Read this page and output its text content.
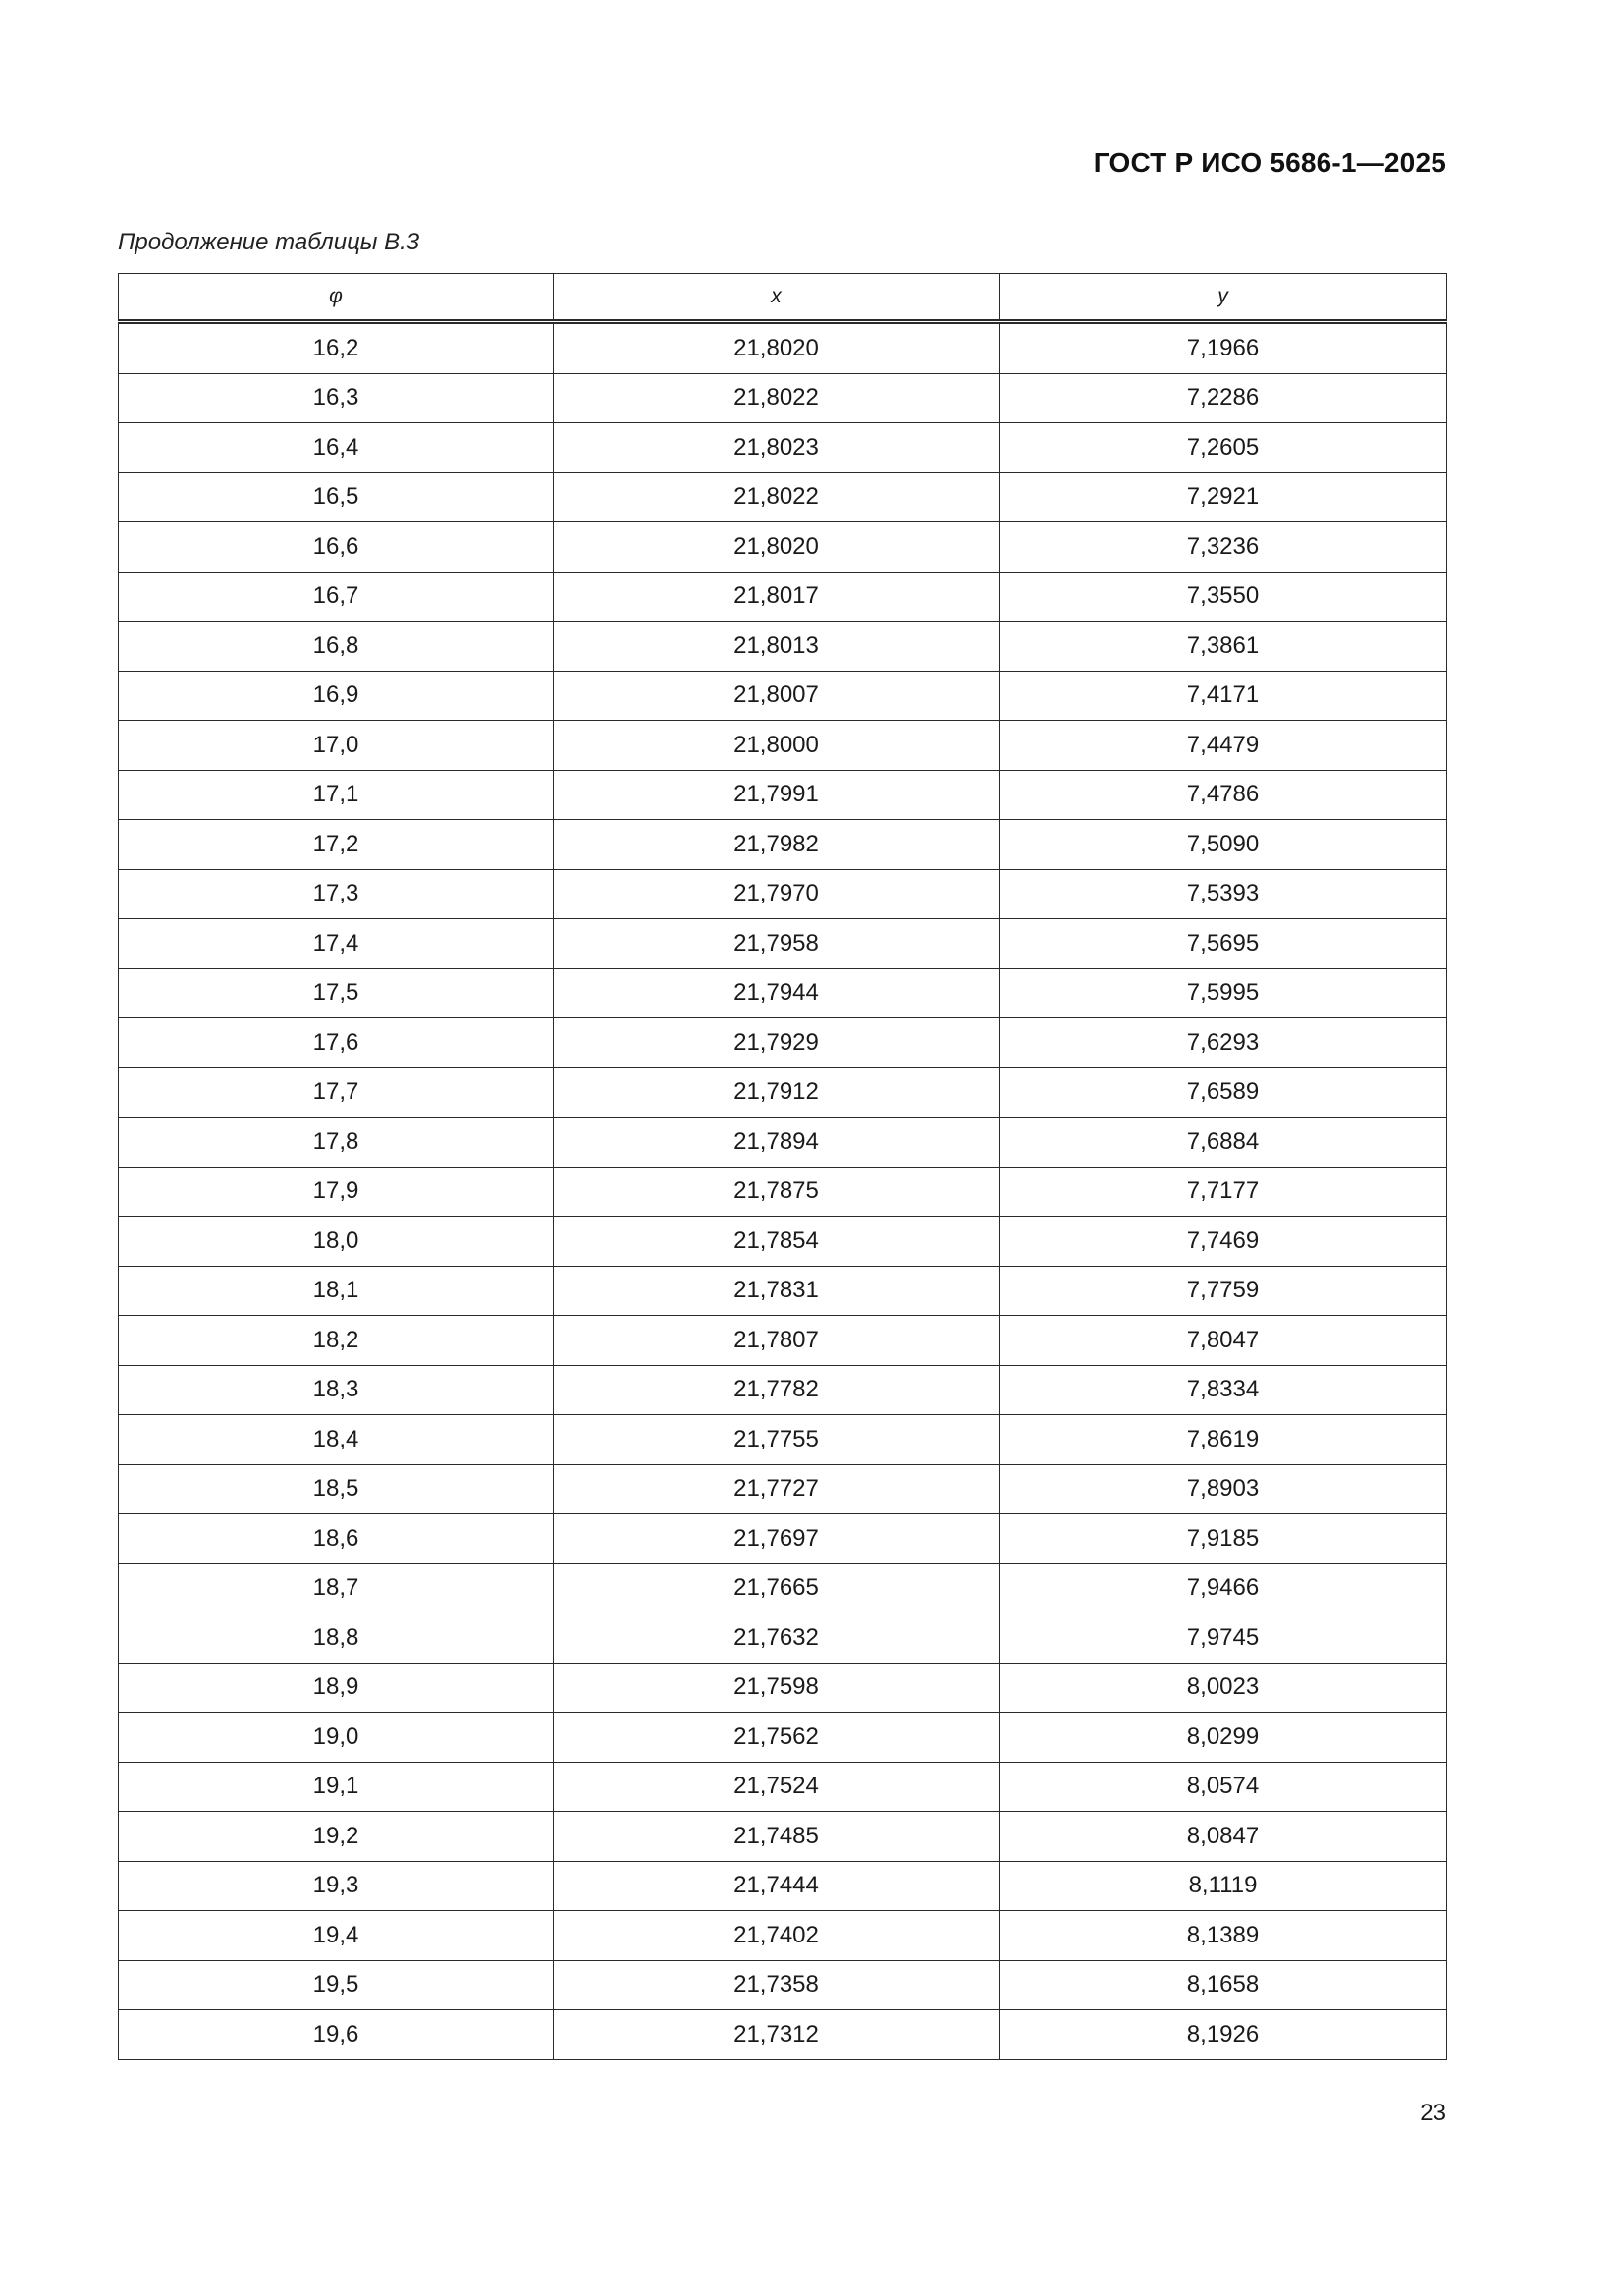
ГОСТ Р ИСО 5686-1—2025
Продолжение таблицы В.3
φ	x	y
16,2	21,8020	7,1966
16,3	21,8022	7,2286
16,4	21,8023	7,2605
16,5	21,8022	7,2921
16,6	21,8020	7,3236
16,7	21,8017	7,3550
16,8	21,8013	7,3861
16,9	21,8007	7,4171
17,0	21,8000	7,4479
17,1	21,7991	7,4786
17,2	21,7982	7,5090
17,3	21,7970	7,5393
17,4	21,7958	7,5695
17,5	21,7944	7,5995
17,6	21,7929	7,6293
17,7	21,7912	7,6589
17,8	21,7894	7,6884
17,9	21,7875	7,7177
18,0	21,7854	7,7469
18,1	21,7831	7,7759
18,2	21,7807	7,8047
18,3	21,7782	7,8334
18,4	21,7755	7,8619
18,5	21,7727	7,8903
18,6	21,7697	7,9185
18,7	21,7665	7,9466
18,8	21,7632	7,9745
18,9	21,7598	8,0023
19,0	21,7562	8,0299
19,1	21,7524	8,0574
19,2	21,7485	8,0847
19,3	21,7444	8,1119
19,4	21,7402	8,1389
19,5	21,7358	8,1658
19,6	21,7312	8,1926
23
